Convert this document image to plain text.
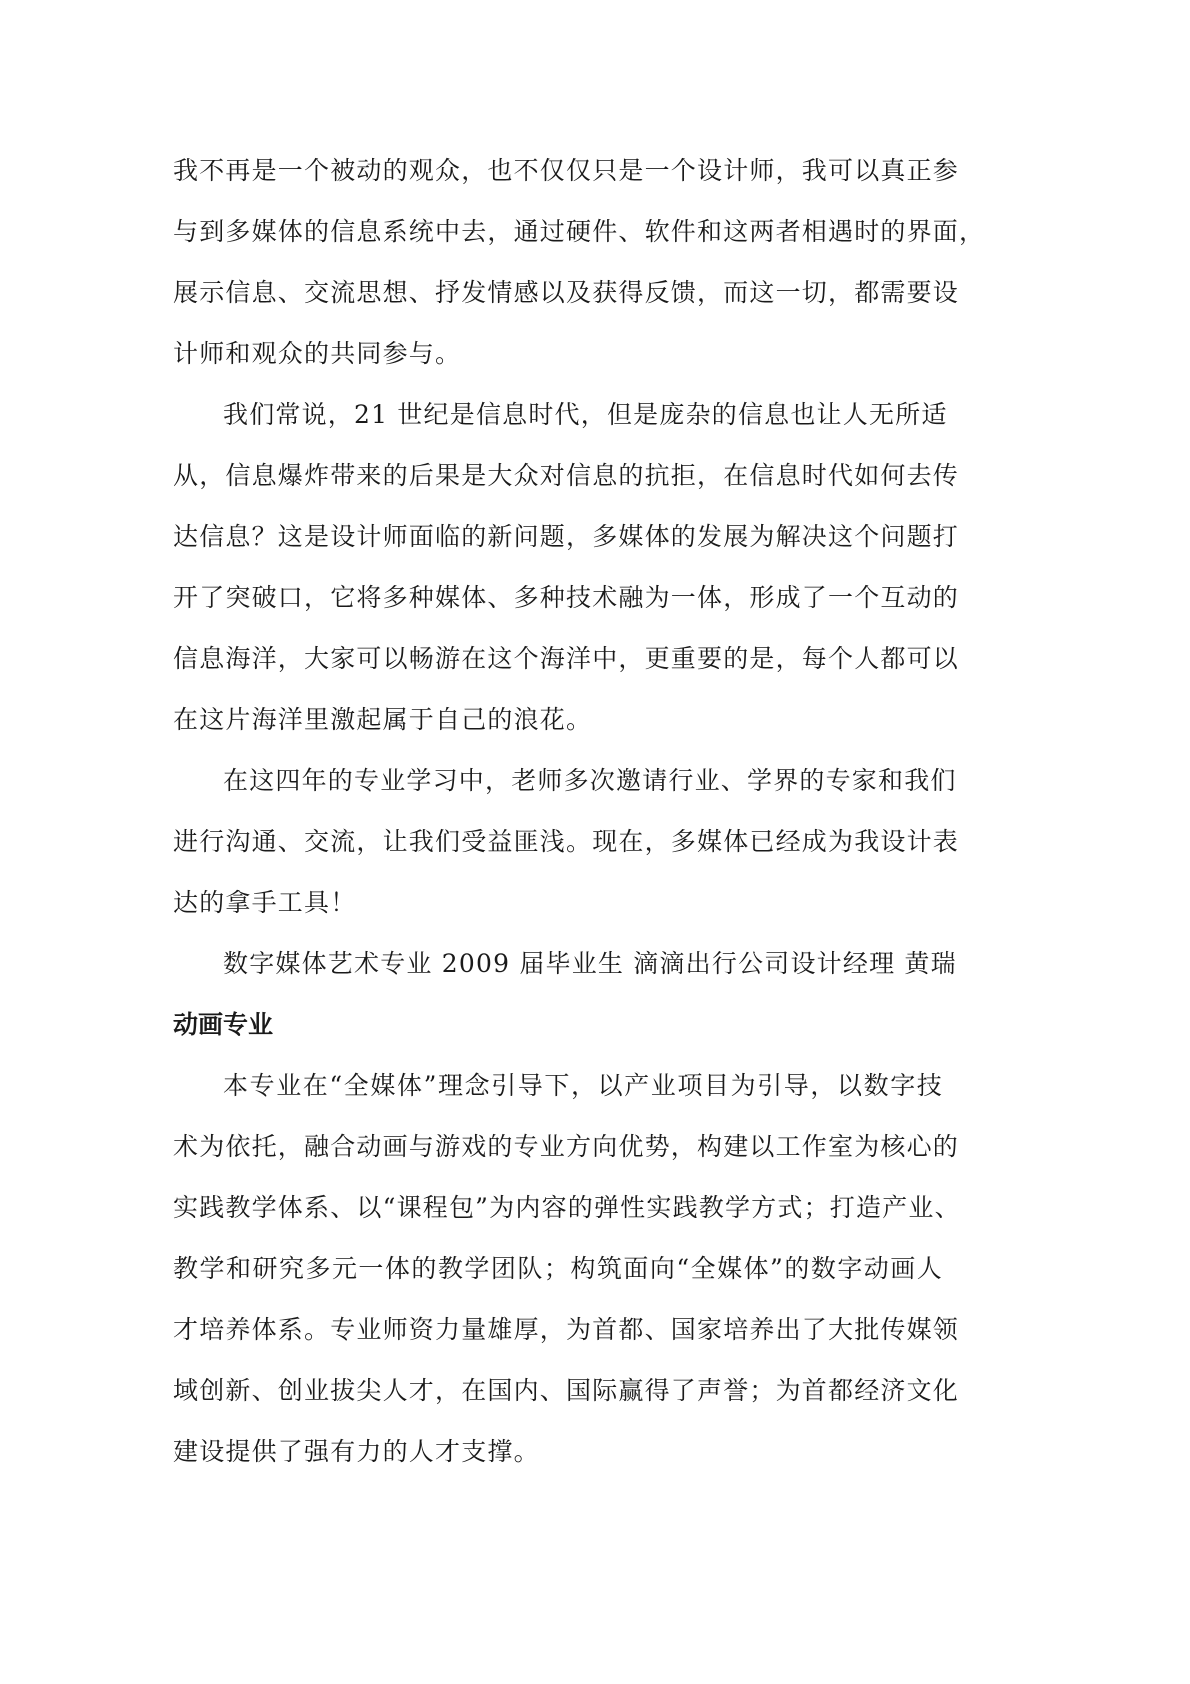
我不再是一个被动的观众，也不仅仅只是一个设计师，我可以真正参
与到多媒体的信息系统中去，通过硬件、软件和这两者相遇时的界面，
展示信息、交流思想、抒发情感以及获得反馈，而这一切，都需要设
计师和观众的共同参与。
我们常说，21 世纪是信息时代，但是庞杂的信息也让人无所适
从，信息爆炸带来的后果是大众对信息的抗拒，在信息时代如何去传
达信息？这是设计师面临的新问题，多媒体的发展为解决这个问题打
开了突破口，它将多种媒体、多种技术融为一体，形成了一个互动的
信息海洋，大家可以畅游在这个海洋中，更重要的是，每个人都可以
在这片海洋里激起属于自己的浪花。
在这四年的专业学习中，老师多次邀请行业、学界的专家和我们
进行沟通、交流，让我们受益匪浅。现在，多媒体已经成为我设计表
达的拿手工具！
数字媒体艺术专业 2009 届毕业生 滴滴出行公司设计经理 黄瑞
动画专业
本专业在“全媒体”理念引导下，以产业项目为引导，以数字技
术为依托，融合动画与游戏的专业方向优势，构建以工作室为核心的
实践教学体系、以“课程包”为内容的弹性实践教学方式；打造产业、
教学和研究多元一体的教学团队；构筑面向“全媒体”的数字动画人
才培养体系。专业师资力量雄厚，为首都、国家培养出了大批传媒领
域创新、创业拔尖人才，在国内、国际赢得了声誉；为首都经济文化
建设提供了强有力的人才支撑。
